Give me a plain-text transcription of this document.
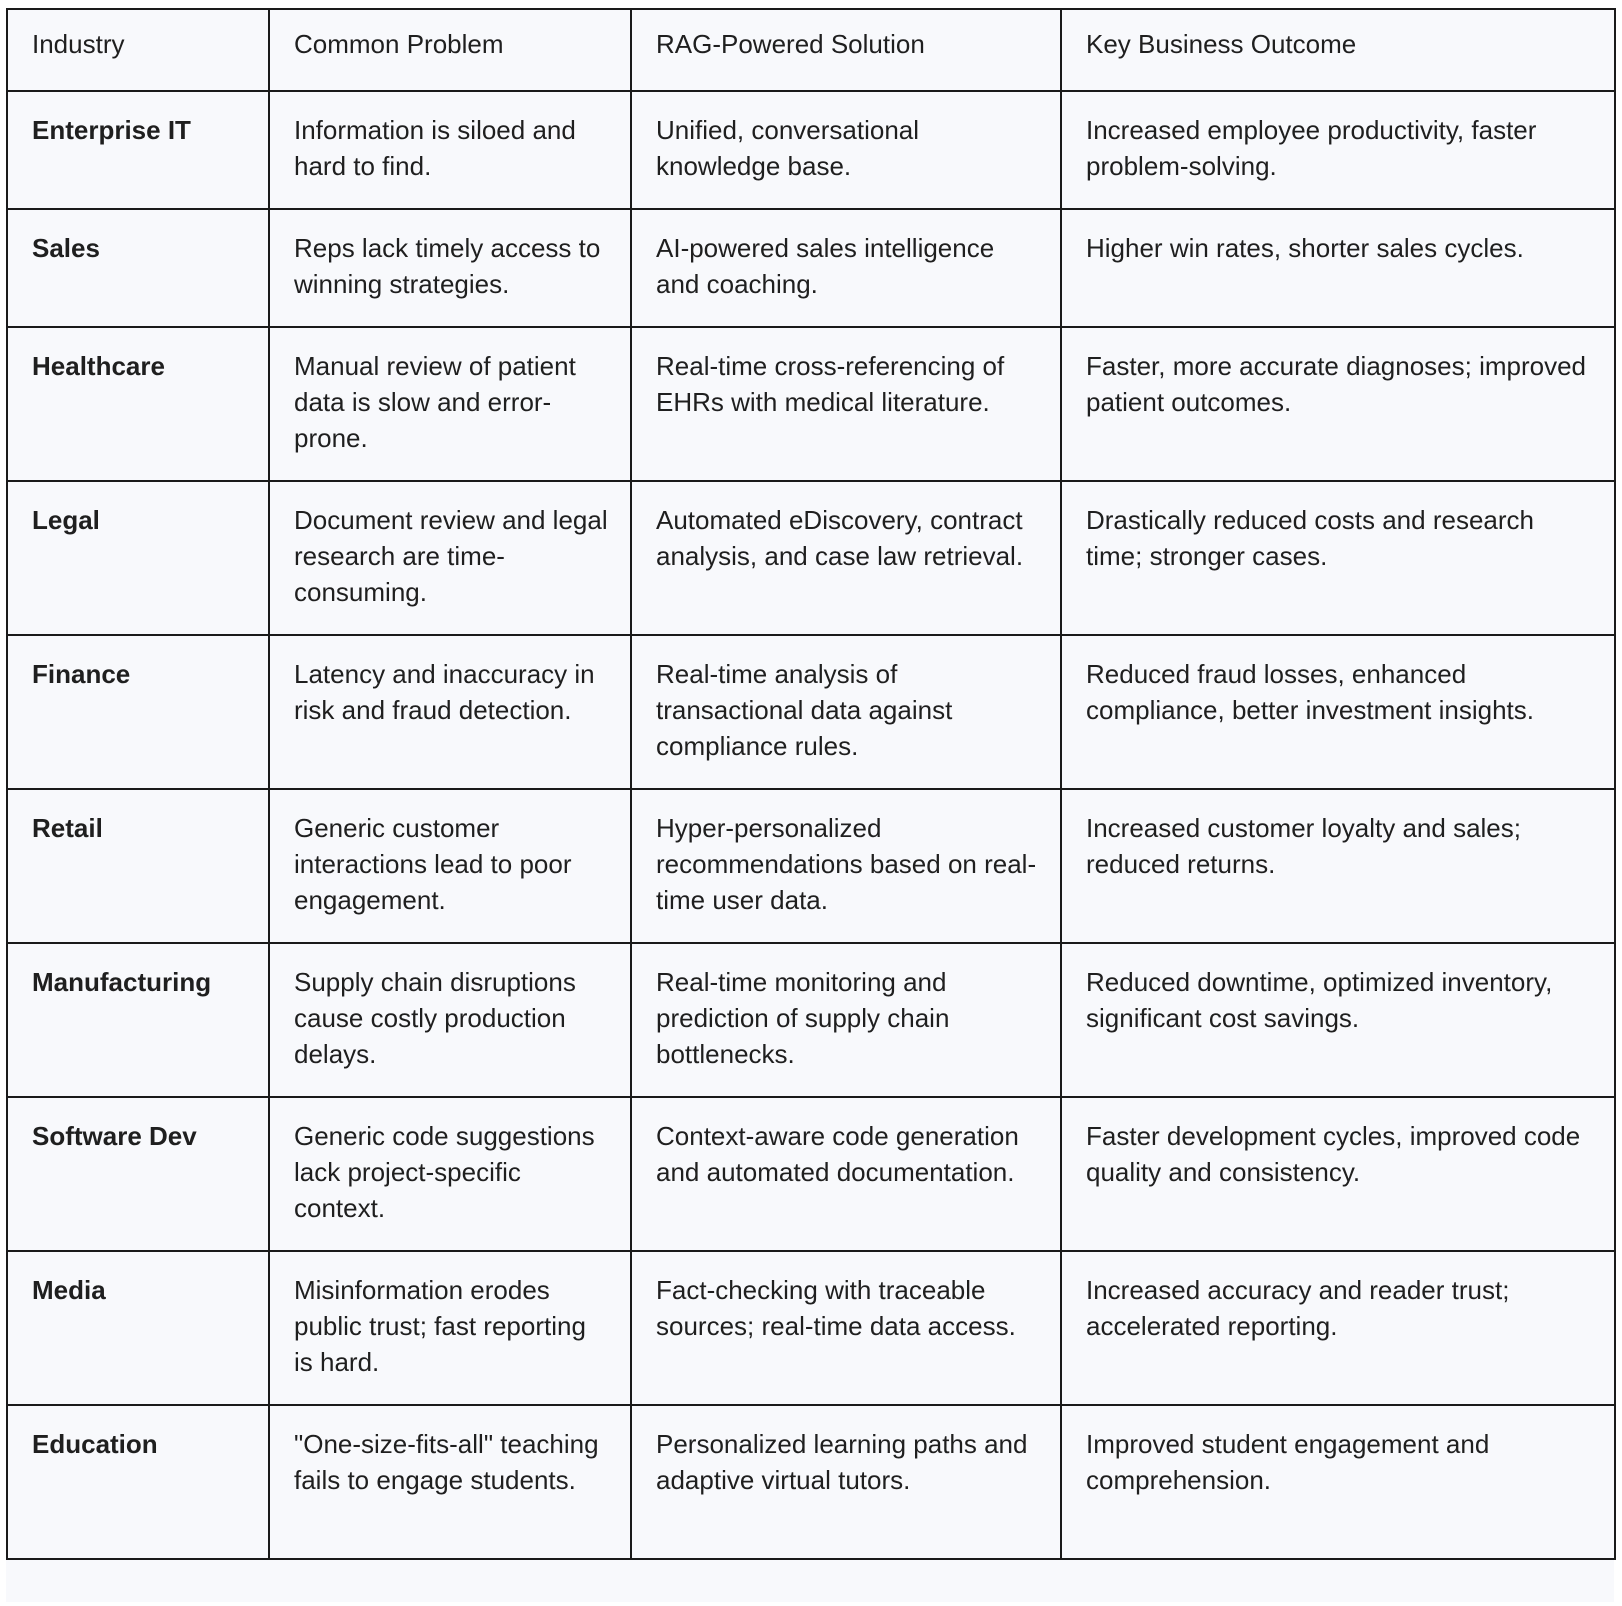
Industry	Common Problem	RAG-Powered Solution	Key Business Outcome
Enterprise IT	Information is siloed and hard to find.	Unified, conversational knowledge base.	Increased employee productivity, faster problem-solving.
Sales	Reps lack timely access to winning strategies.	AI-powered sales intelligence and coaching.	Higher win rates, shorter sales cycles.
Healthcare	Manual review of patient data is slow and error-prone.	Real-time cross-referencing of EHRs with medical literature.	Faster, more accurate diagnoses; improved patient outcomes.
Legal	Document review and legal research are time-consuming.	Automated eDiscovery, contract analysis, and case law retrieval.	Drastically reduced costs and research time; stronger cases.
Finance	Latency and inaccuracy in risk and fraud detection.	Real-time analysis of transactional data against compliance rules.	Reduced fraud losses, enhanced compliance, better investment insights.
Retail	Generic customer interactions lead to poor engagement.	Hyper-personalized recommendations based on real-time user data.	Increased customer loyalty and sales; reduced returns.
Manufacturing	Supply chain disruptions cause costly production delays.	Real-time monitoring and prediction of supply chain bottlenecks.	Reduced downtime, optimized inventory, significant cost savings.
Software Dev	Generic code suggestions lack project-specific context.	Context-aware code generation and automated documentation.	Faster development cycles, improved code quality and consistency.
Media	Misinformation erodes public trust; fast reporting is hard.	Fact-checking with traceable sources; real-time data access.	Increased accuracy and reader trust; accelerated reporting.
Education	"One-size-fits-all" teaching fails to engage students.	Personalized learning paths and adaptive virtual tutors.	Improved student engagement and comprehension.
